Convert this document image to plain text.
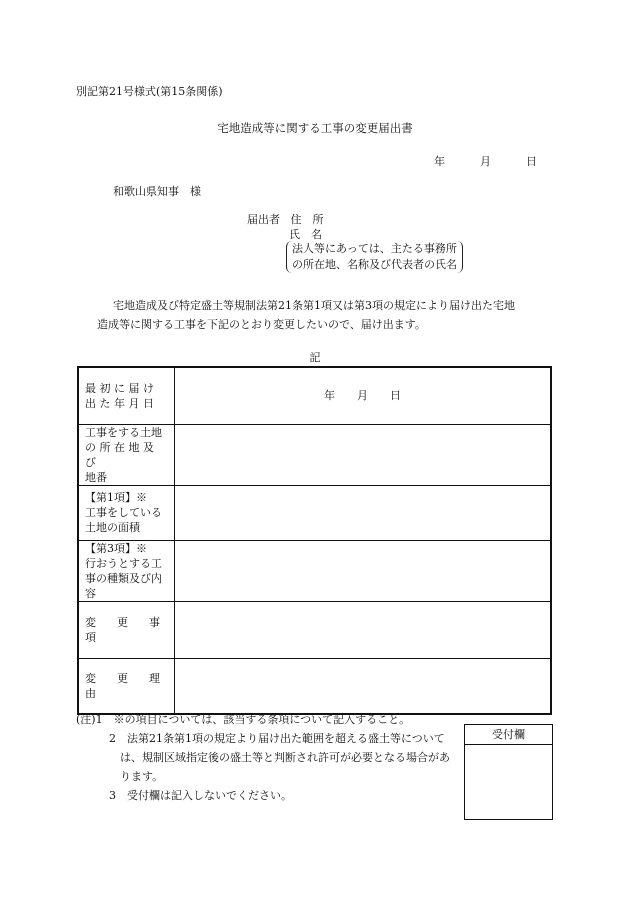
別記第21号様式(第15条関係)
宅地造成等に関する工事の変更届出書
年	月	日
和歌山県知事　様
届出者 住　所
氏　名
法人等にあっては、主たる事務所
の所在地、名称及び代表者の氏名
宅地造成及び特定盛土等規制法第21条第1項又は第3項の規定により届け出た宅地
造成等に関する工事を下記のとおり変更したいので、届け出ます。
記
最 初 に 届 け
出 た 年 月 日	年　　月　　日

工事をする土地
の 所 在 地 及 び
地番	

【第1項】※
工事をしている
土地の面積	

【第3項】※
行おうとする工
事の種類及び内
容	

変　更　事　項	
変　更　理　由	
(注)1　※の項目については、該当する条項について記入すること。
2　法第21条第1項の規定より届け出た範囲を超える盛土等について
は、規制区域指定後の盛土等と判断され許可が必要となる場合があ
ります。
3　受付欄は記入しないでください。
受付欄
